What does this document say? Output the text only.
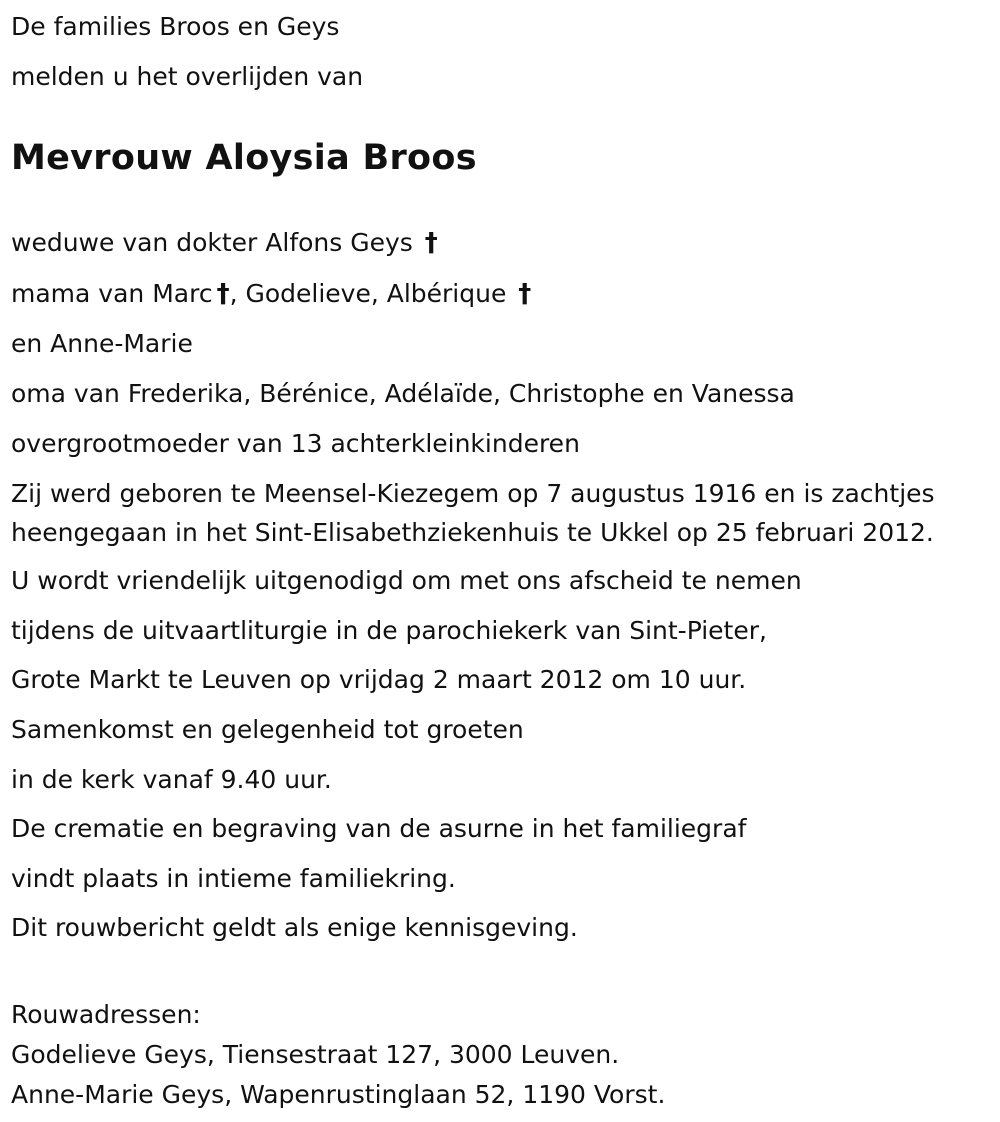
De families Broos en Geys

melden u het overlijden van

Mevrouw Aloysia Broos

weduwe van dokter Alfons Geys †

mama van Marc †, Godelieve, Albérique †

en Anne-Marie

oma van Frederika, Bérénice, Adélaïde, Christophe en Vanessa

overgrootmoeder van 13 achterkleinkinderen

Zij werd geboren te Meensel-Kiezegem op 7 augustus 1916 en is zachtjes
heengegaan in het Sint-Elisabethziekenhuis te Ukkel op 25 februari 2012.

U wordt vriendelijk uitgenodigd om met ons afscheid te nemen

tijdens de uitvaartliturgie in de parochiekerk van Sint-Pieter,

Grote Markt te Leuven op vrijdag 2 maart 2012 om 10 uur.

Samenkomst en gelegenheid tot groeten

in de kerk vanaf 9.40 uur.

De crematie en begraving van de asurne in het familiegraf

vindt plaats in intieme familiekring.

Dit rouwbericht geldt als enige kennisgeving.

Rouwadressen:

Godelieve Geys, Tiensestraat 127, 3000 Leuven.

Anne-Marie Geys, Wapenrustinglaan 52, 1190 Vorst.
